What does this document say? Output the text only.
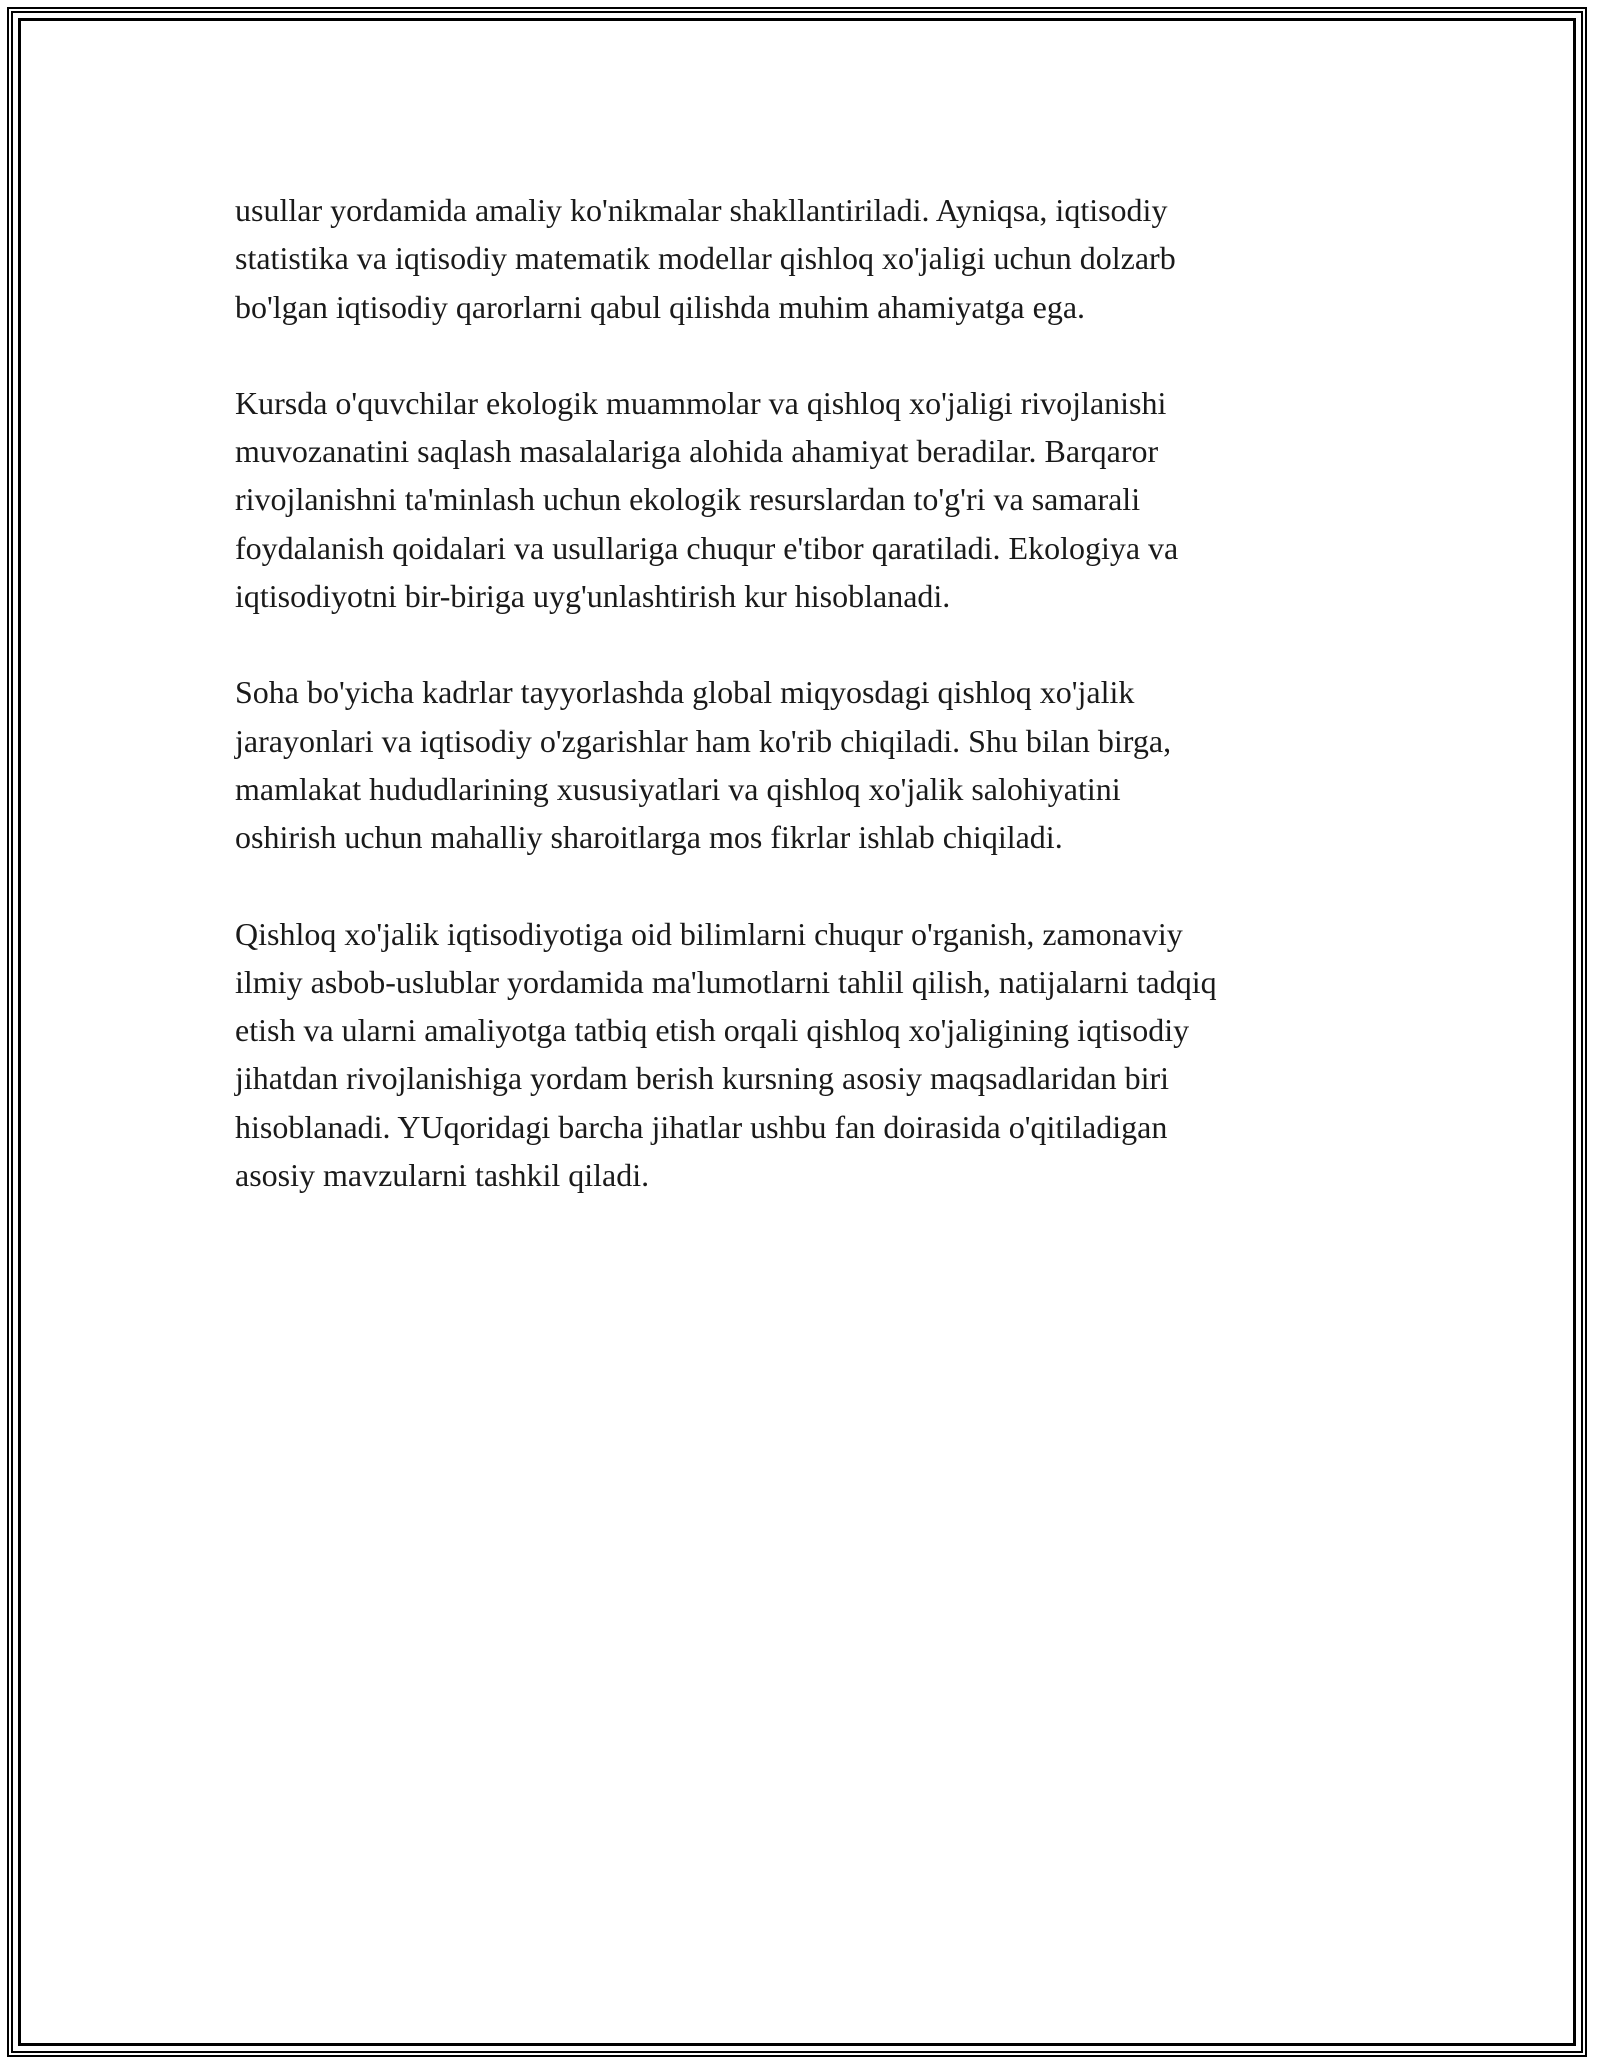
usullar yordamida amaliy ko'nikmalar shakllantiriladi. Ayniqsa, iqtisodiy
statistika va iqtisodiy matematik modellar qishloq xo'jaligi uchun dolzarb
bo'lgan iqtisodiy qarorlarni qabul qilishda muhim ahamiyatga ega.

Kursda o'quvchilar ekologik muammolar va qishloq xo'jaligi rivojlanishi
muvozanatini saqlash masalalariga alohida ahamiyat beradilar. Barqaror
rivojlanishni ta'minlash uchun ekologik resurslardan to'g'ri va samarali
foydalanish qoidalari va usullariga chuqur e'tibor qaratiladi. Ekologiya va
iqtisodiyotni bir-biriga uyg'unlashtirish kur hisoblanadi.

Soha bo'yicha kadrlar tayyorlashda global miqyosdagi qishloq xo'jalik
jarayonlari va iqtisodiy o'zgarishlar ham ko'rib chiqiladi. Shu bilan birga,
mamlakat hududlarining xususiyatlari va qishloq xo'jalik salohiyatini
oshirish uchun mahalliy sharoitlarga mos fikrlar ishlab chiqiladi.

Qishloq xo'jalik iqtisodiyotiga oid bilimlarni chuqur o'rganish, zamonaviy
ilmiy asbob-uslublar yordamida ma'lumotlarni tahlil qilish, natijalarni tadqiq
etish va ularni amaliyotga tatbiq etish orqali qishloq xo'jaligining iqtisodiy
jihatdan rivojlanishiga yordam berish kursning asosiy maqsadlaridan biri
hisoblanadi. YUqoridagi barcha jihatlar ushbu fan doirasida o'qitiladigan
asosiy mavzularni tashkil qiladi.
